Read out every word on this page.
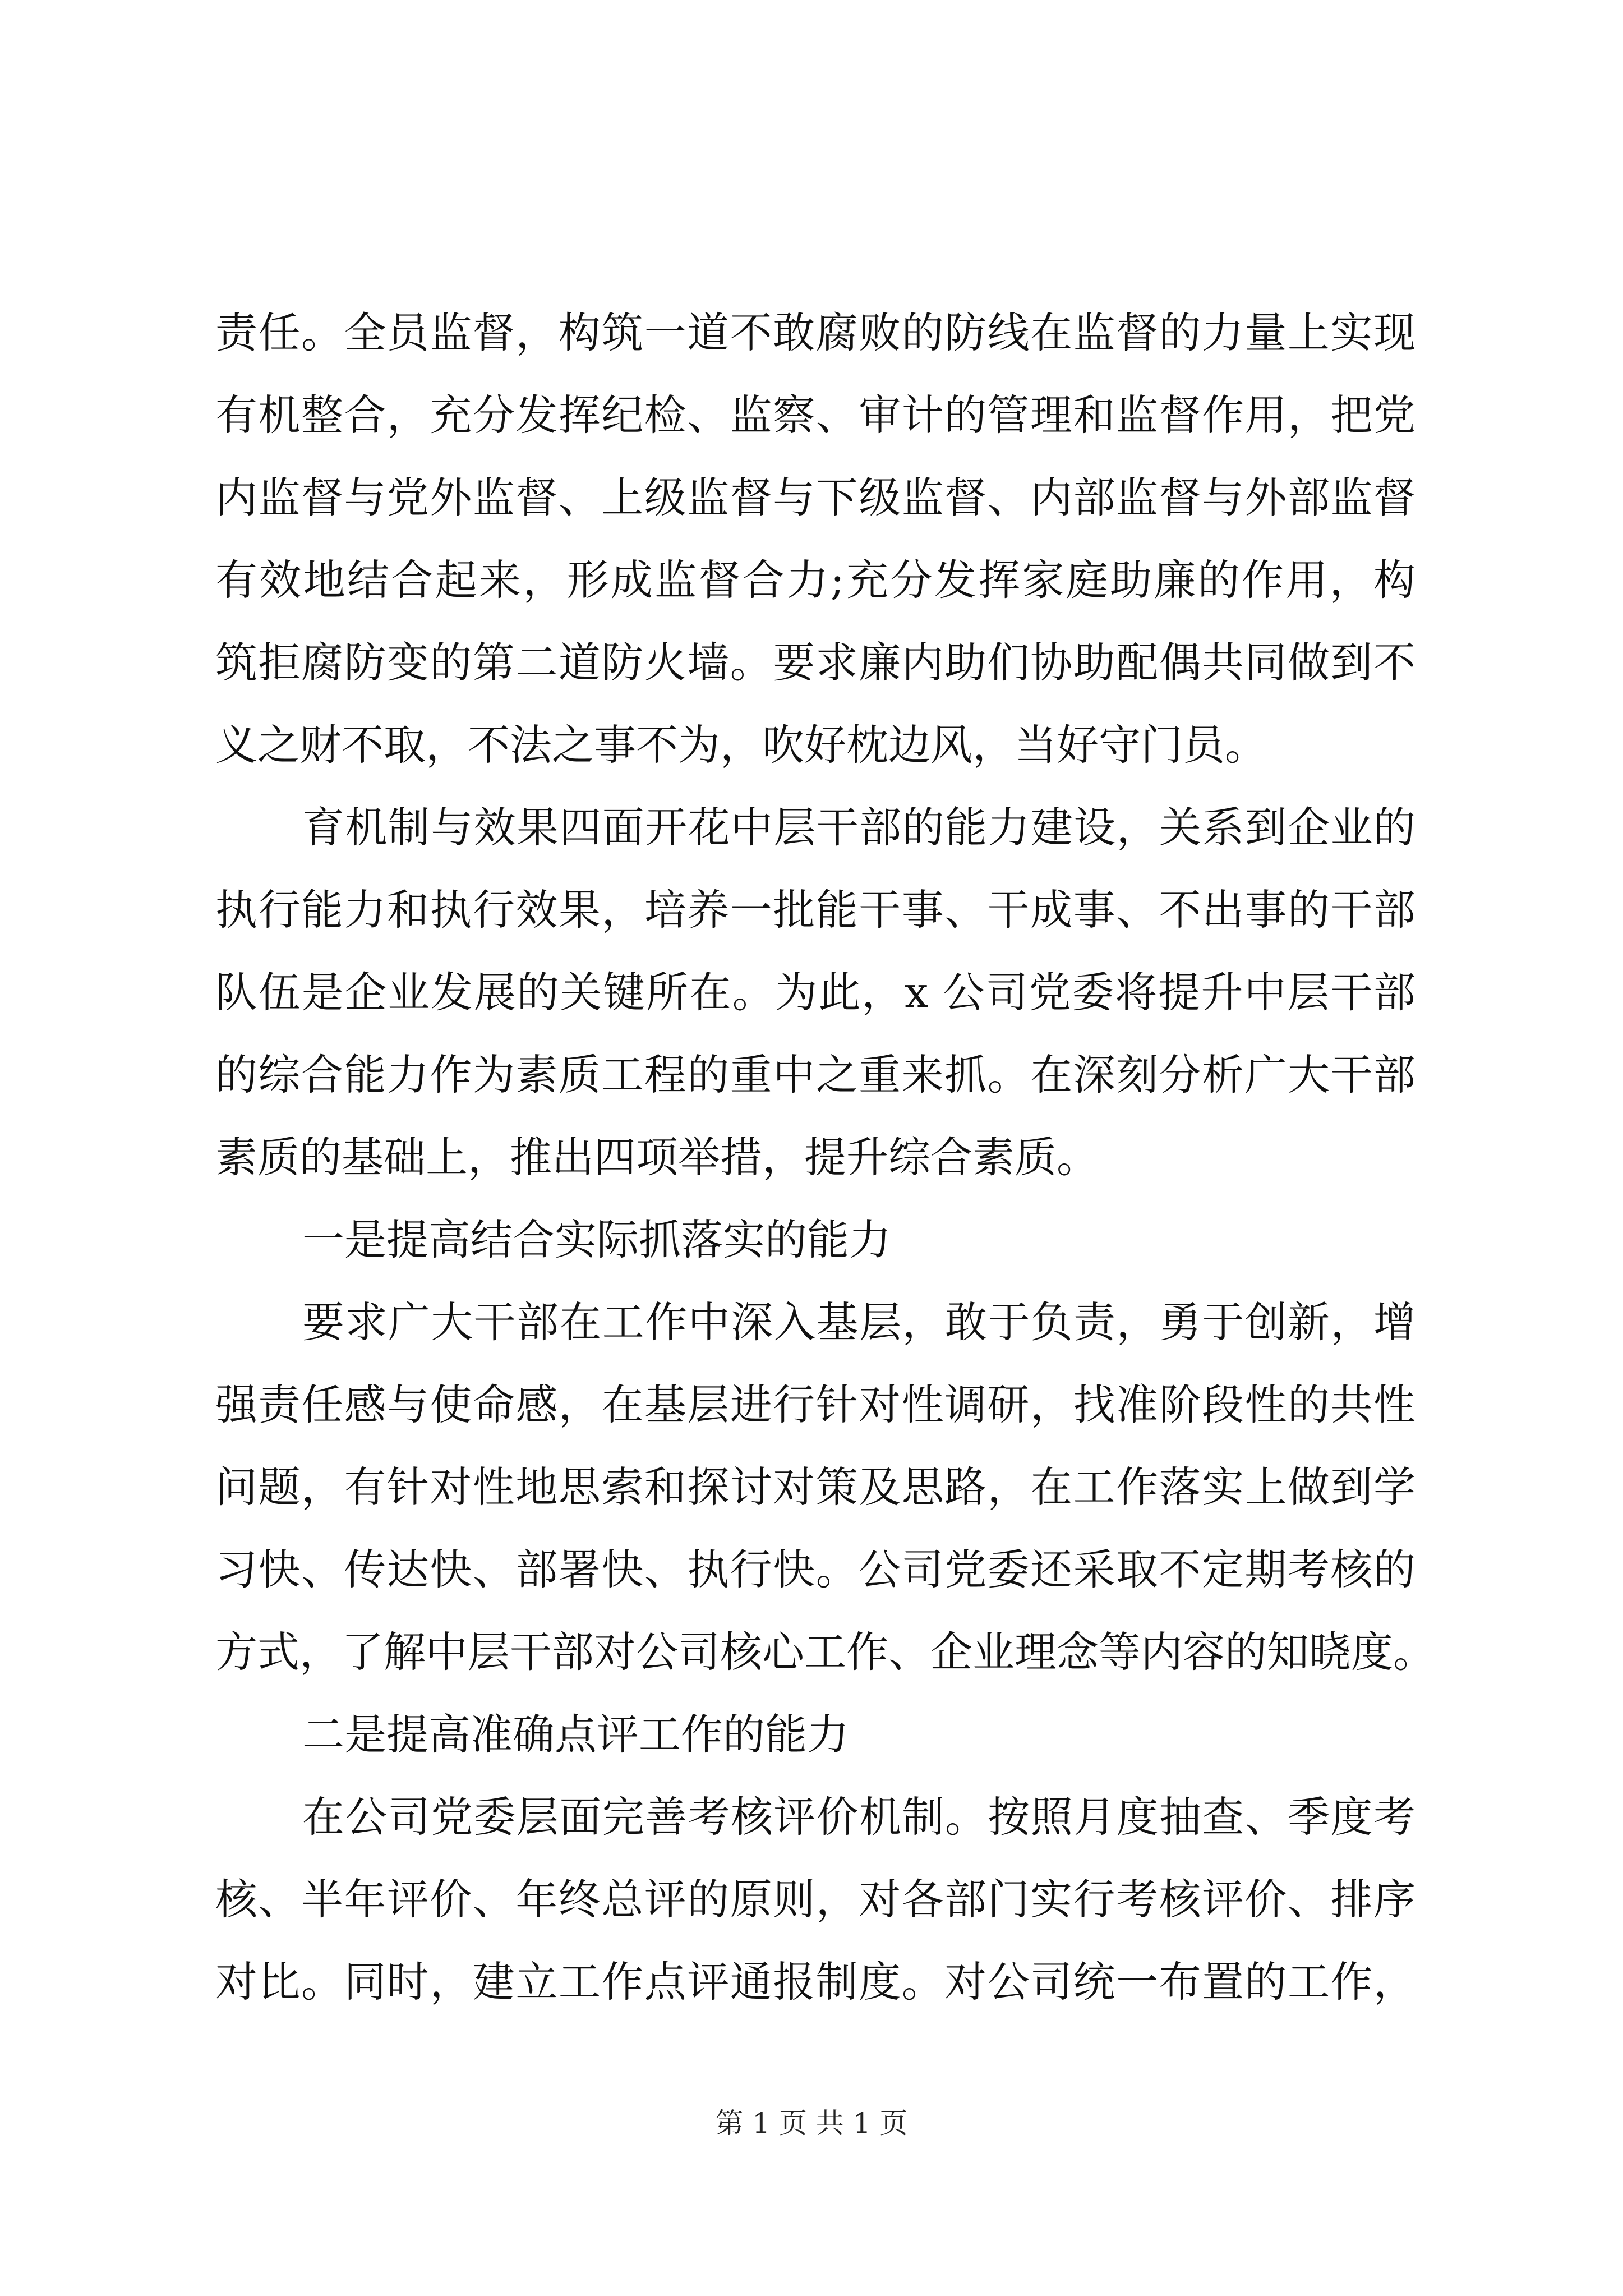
责任。全员监督，构筑一道不敢腐败的防线在监督的力量上实现
有机整合，充分发挥纪检、监察、审计的管理和监督作用，把党
内监督与党外监督、上级监督与下级监督、内部监督与外部监督
有效地结合起来，形成监督合力;充分发挥家庭助廉的作用，构
筑拒腐防变的第二道防火墙。要求廉内助们协助配偶共同做到不
义之财不取，不法之事不为，吹好枕边风，当好守门员。
育机制与效果四面开花中层干部的能力建设，关系到企业的
执行能力和执行效果，培养一批能干事、干成事、不出事的干部
队伍是企业发展的关键所在。为此，x 公司党委将提升中层干部
的综合能力作为素质工程的重中之重来抓。在深刻分析广大干部
素质的基础上，推出四项举措，提升综合素质。
一是提高结合实际抓落实的能力
要求广大干部在工作中深入基层，敢于负责，勇于创新，增
强责任感与使命感，在基层进行针对性调研，找准阶段性的共性
问题，有针对性地思索和探讨对策及思路，在工作落实上做到学
习快、传达快、部署快、执行快。公司党委还采取不定期考核的
方式，了解中层干部对公司核心工作、企业理念等内容的知晓度。
二是提高准确点评工作的能力
在公司党委层面完善考核评价机制。按照月度抽查、季度考
核、半年评价、年终总评的原则，对各部门实行考核评价、排序
对比。同时，建立工作点评通报制度。对公司统一布置的工作，
第 1 页 共 1 页
